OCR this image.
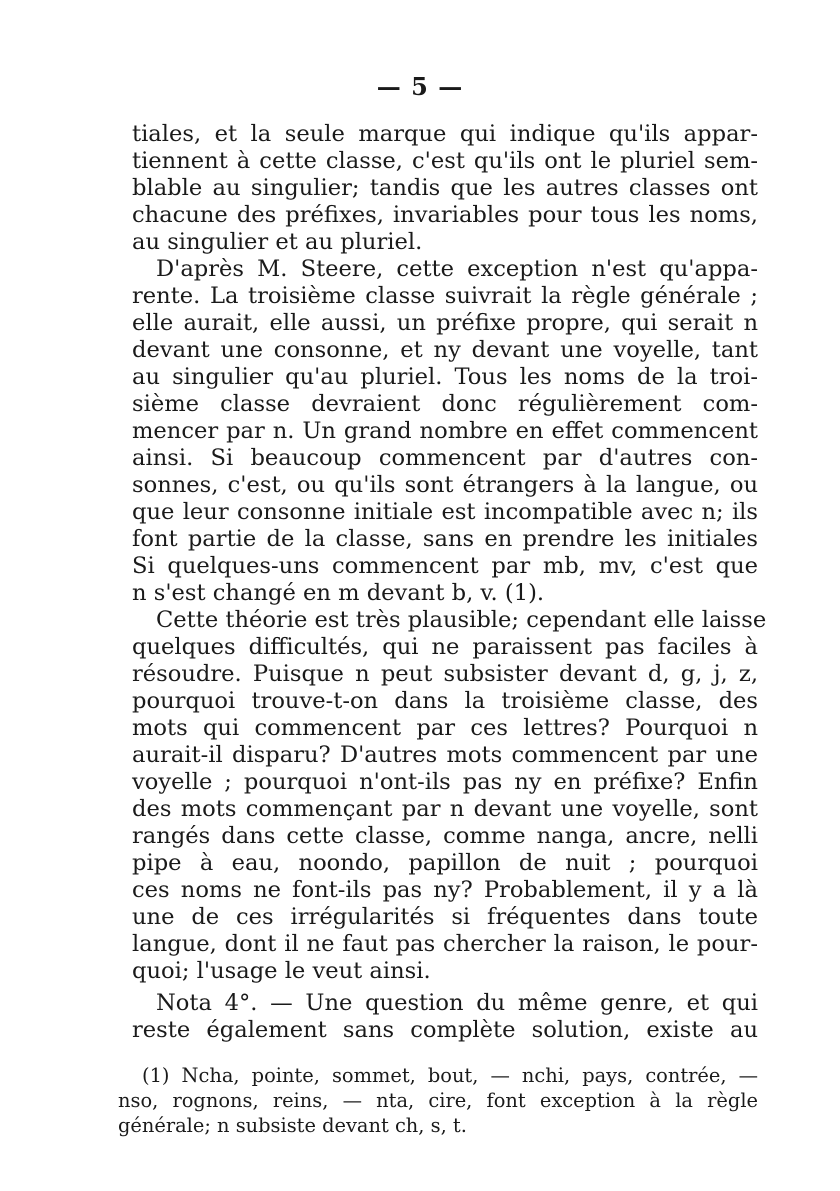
— 5 —
tiales, et la seule marque qui indique qu'ils appar-
tiennent à cette classe, c'est qu'ils ont le pluriel sem-
blable au singulier; tandis que les autres classes ont
chacune des préfixes, invariables pour tous les noms,
au singulier et au pluriel.
D'après M. Steere, cette exception n'est qu'appa-
rente. La troisième classe suivrait la règle générale ;
elle aurait, elle aussi, un préfixe propre, qui serait n
devant une consonne, et ny devant une voyelle, tant
au singulier qu'au pluriel. Tous les noms de la troi-
sième classe devraient donc régulièrement com-
mencer par n. Un grand nombre en effet commencent
ainsi. Si beaucoup commencent par d'autres con-
sonnes, c'est, ou qu'ils sont étrangers à la langue, ou
que leur consonne initiale est incompatible avec n; ils
font partie de la classe, sans en prendre les initiales
Si quelques-uns commencent par mb, mv, c'est que
n s'est changé en m devant b, v. (1).
Cette théorie est très plausible; cependant elle laisse
quelques difficultés, qui ne paraissent pas faciles à
résoudre. Puisque n peut subsister devant d, g, j, z,
pourquoi trouve-t-on dans la troisième classe, des
mots qui commencent par ces lettres? Pourquoi n
aurait-il disparu? D'autres mots commencent par une
voyelle ; pourquoi n'ont-ils pas ny en préfixe? Enfin
des mots commençant par n devant une voyelle, sont
rangés dans cette classe, comme nanga, ancre, nelli
pipe à eau, noondo, papillon de nuit ; pourquoi
ces noms ne font-ils pas ny? Probablement, il y a là
une de ces irrégularités si fréquentes dans toute
langue, dont il ne faut pas chercher la raison, le pour-
quoi; l'usage le veut ainsi.
Nota 4°. — Une question du même genre, et qui
reste également sans complète solution, existe au
(1) Ncha, pointe, sommet, bout, — nchi, pays, contrée, —
nso, rognons, reins, — nta, cire, font exception à la règle
générale; n subsiste devant ch, s, t.
